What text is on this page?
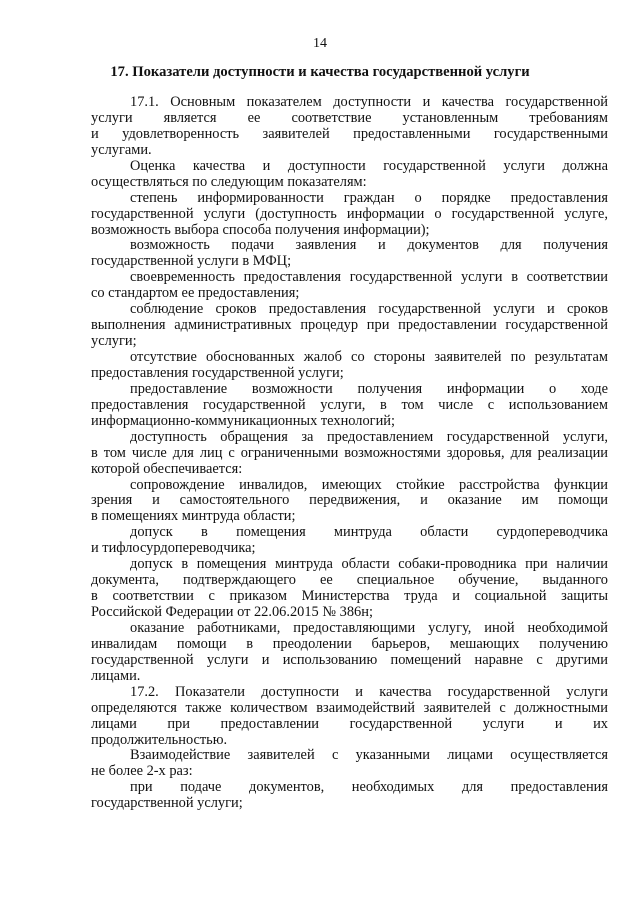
14
17. Показатели доступности и качества государственной услуги
17.1. Основным показателем доступности и качества государственной
услуги является ее соответствие установленным требованиям
и удовлетворенность заявителей предоставленными государственными
услугами.
Оценка качества и доступности государственной услуги должна
осуществляться по следующим показателям:
степень информированности граждан о порядке предоставления
государственной услуги (доступность информации о государственной услуге,
возможность выбора способа получения информации);
возможность подачи заявления и документов для получения
государственной услуги в МФЦ;
своевременность предоставления государственной услуги в соответствии
со стандартом ее предоставления;
соблюдение сроков предоставления государственной услуги и сроков
выполнения административных процедур при предоставлении государственной
услуги;
отсутствие обоснованных жалоб со стороны заявителей по результатам
предоставления государственной услуги;
предоставление возможности получения информации о ходе
предоставления государственной услуги, в том числе с использованием
информационно-коммуникационных технологий;
доступность обращения за предоставлением государственной услуги,
в том числе для лиц с ограниченными возможностями здоровья, для реализации
которой обеспечивается:
сопровождение инвалидов, имеющих стойкие расстройства функции
зрения и самостоятельного передвижения, и оказание им помощи
в помещениях минтруда области;
допуск в помещения минтруда области сурдопереводчика
и тифлосурдопереводчика;
допуск в помещения минтруда области собаки-проводника при наличии
документа, подтверждающего ее специальное обучение, выданного
в соответствии с приказом Министерства труда и социальной защиты
Российской Федерации от 22.06.2015 № 386н;
оказание работниками, предоставляющими услугу, иной необходимой
инвалидам помощи в преодолении барьеров, мешающих получению
государственной услуги и использованию помещений наравне с другими
лицами.
17.2. Показатели доступности и качества государственной услуги
определяются также количеством взаимодействий заявителей с должностными
лицами при предоставлении государственной услуги и их
продолжительностью.
Взаимодействие заявителей с указанными лицами осуществляется
не более 2-х раз:
при подаче документов, необходимых для предоставления
государственной услуги;
